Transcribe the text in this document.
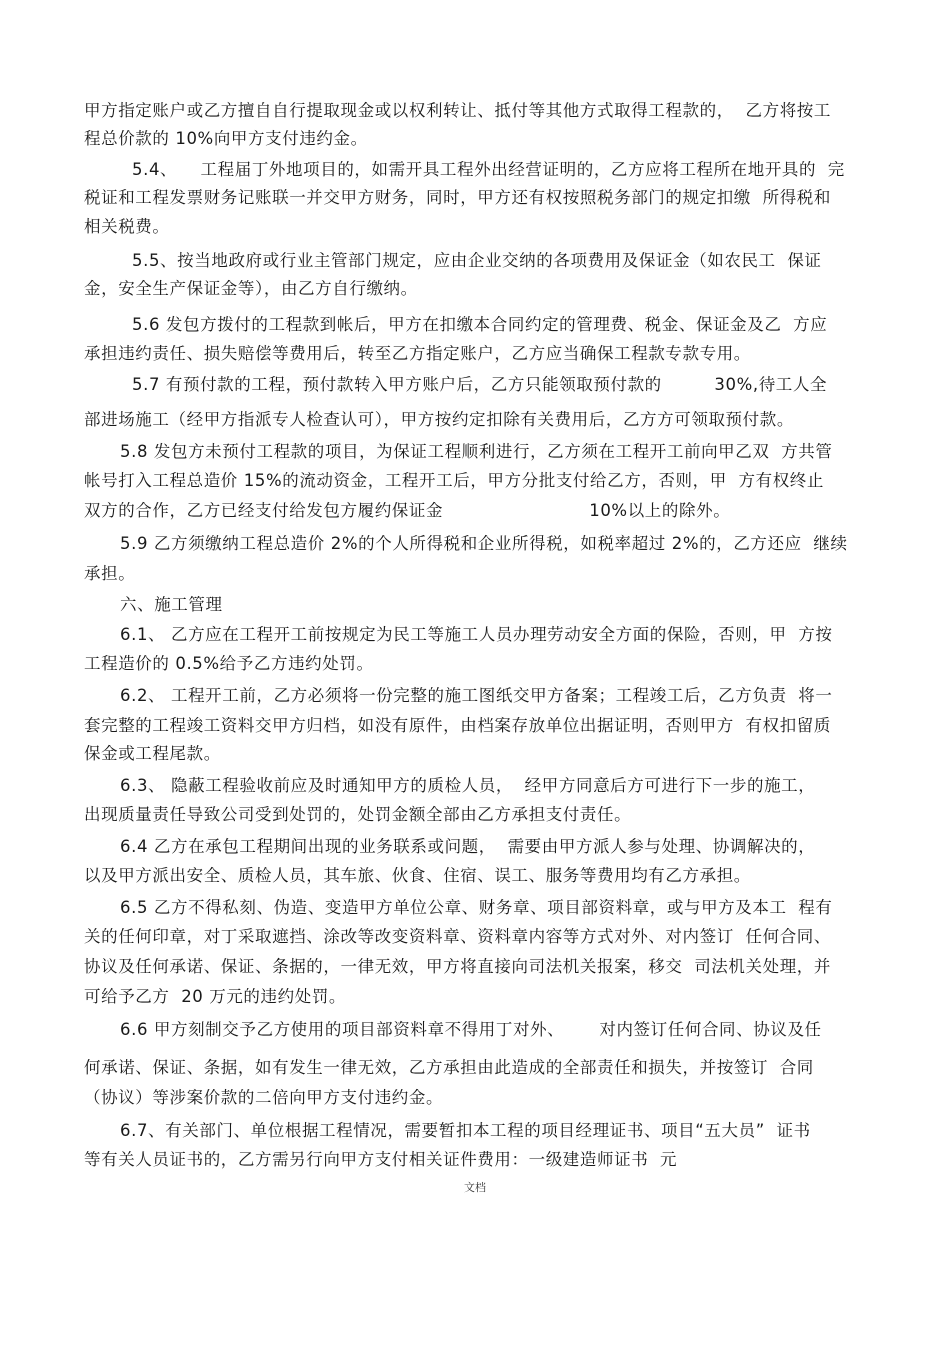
甲方指定账户或乙方擅自自行提取现金或以权利转让、抵付等其他方式取得工程款的，  乙方将按工
程总价款的 10%向甲方支付违约金。
5.4、    工程届丁外地项目的，如需开具工程外出经营证明的，乙方应将工程所在地开具的  完
税证和工程发票财务记账联一并交甲方财务，同时，甲方还有权按照税务部门的规定扣缴  所得税和
相关税费。
5.5、按当地政府或行业主管部门规定，应由企业交纳的各项费用及保证金（如农民工  保证
金，安全生产保证金等），由乙方自行缴纳。
5.6 发包方拨付的工程款到帐后，甲方在扣缴本合同约定的管理费、税金、保证金及乙  方应
承担违约责任、损失赔偿等费用后，转至乙方指定账户，乙方应当确保工程款专款专用。
5.7 有预付款的工程，预付款转入甲方账户后，乙方只能领取预付款的         30%,待工人全
部进场施工（经甲方指派专人检查认可），甲方按约定扣除有关费用后，乙方方可领取预付款。
5.8 发包方未预付工程款的项目，为保证工程顺利进行，乙方须在工程开工前向甲乙双  方共管
帐号打入工程总造价 15%的流动资金，工程开工后，甲方分批支付给乙方，否则，甲  方有权终止
双方的合作，乙方已经支付给发包方履约保证金                         10%以上的除外。
5.9 乙方须缴纳工程总造价 2%的个人所得税和企业所得税，如税率超过 2%的，乙方还应  继续
承担。
六、施工管理
6.1、 乙方应在工程开工前按规定为民工等施工人员办理劳动安全方面的保险，否则，甲  方按
工程造价的 0.5%给予乙方违约处罚。
6.2、 工程开工前，乙方必须将一份完整的施工图纸交甲方备案；工程竣工后，乙方负责  将一
套完整的工程竣工资料交甲方归档，如没有原件，由档案存放单位出据证明，否则甲方  有权扣留质
保金或工程尾款。
6.3、 隐蔽工程验收前应及时通知甲方的质检人员，  经甲方同意后方可进行下一步的施工，
出现质量责任导致公司受到处罚的，处罚金额全部由乙方承担支付责任。
6.4 乙方在承包工程期间出现的业务联系或问题，  需要由甲方派人参与处理、协调解决的，
以及甲方派出安全、质检人员，其车旅、伙食、住宿、误工、服务等费用均有乙方承担。
6.5 乙方不得私刻、伪造、变造甲方单位公章、财务章、项目部资料章，或与甲方及本工  程有
关的任何印章，对丁采取遮挡、涂改等改变资料章、资料章内容等方式对外、对内签订  任何合同、
协议及任何承诺、保证、条据的，一律无效，甲方将直接向司法机关报案，移交  司法机关处理，并
可给予乙方  20 万元的违约处罚。
6.6 甲方刻制交予乙方使用的项目部资料章不得用丁对外、      对内签订任何合同、协议及任
何承诺、保证、条据，如有发生一律无效，乙方承担由此造成的全部责任和损失，并按签订  合同
（协议）等涉案价款的二倍向甲方支付违约金。
6.7、有关部门、单位根据工程情况，需要暂扣本工程的项目经理证书、项目“五大员”  证书
等有关人员证书的，乙方需另行向甲方支付相关证件费用：一级建造师证书  元
文档
